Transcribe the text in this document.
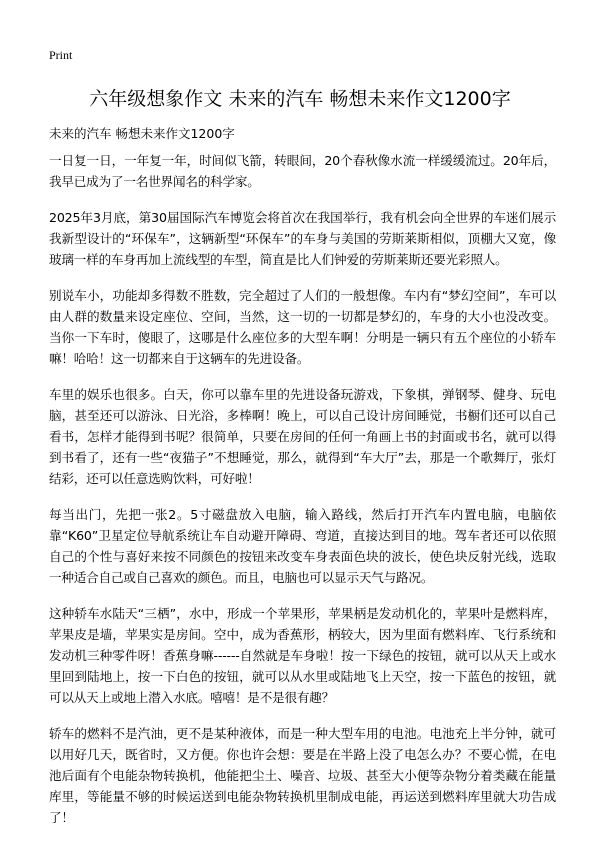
Print
六年级想象作文 未来的汽车 畅想未来作文1200字
未来的汽车 畅想未来作文1200字

一日复一日，一年复一年，时间似飞箭，转眼间，20个春秋像水流一样缓缓流过。20年后，我早已成为了一名世界闻名的科学家。

2025年3月底，第30届国际汽车博览会将首次在我国举行，我有机会向全世界的车迷们展示我新型设计的“环保车”，这辆新型“环保车”的车身与美国的劳斯莱斯相似，顶棚大又宽，像玻璃一样的车身再加上流线型的车型，简直是比人们钟爱的劳斯莱斯还要光彩照人。

别说车小，功能却多得数不胜数，完全超过了人们的一般想像。车内有“梦幻空间”，车可以由人群的数量来设定座位、空间，当然，这一切的一切都是梦幻的，车身的大小也没改变。当你一下车时，傻眼了，这哪是什么座位多的大型车啊！分明是一辆只有五个座位的小轿车嘛！哈哈！这一切都来自于这辆车的先进设备。

车里的娱乐也很多。白天，你可以靠车里的先进设备玩游戏，下象棋，弹钢琴、健身、玩电脑，甚至还可以游泳、日光浴，多棒啊！晚上，可以自己设计房间睡觉，书橱们还可以自己看书，怎样才能得到书呢？很简单，只要在房间的任何一角画上书的封面或书名，就可以得到书看了，还有一些“夜猫子”不想睡觉，那么，就得到“车大厅”去，那是一个歌舞厅，张灯结彩，还可以任意选购饮料，可好啦！

每当出门，先把一张2。5寸磁盘放入电脑，输入路线，然后打开汽车内置电脑，电脑依靠“K60”卫星定位导航系统让车自动避开障碍、弯道，直接达到目的地。驾车者还可以依照自己的个性与喜好来按不同颜色的按钮来改变车身表面色块的波长，使色块反射光线，选取一种适合自己或自己喜欢的颜色。而且，电脑也可以显示天气与路况。

这种轿车水陆天“三栖”，水中，形成一个苹果形，苹果柄是发动机化的，苹果叶是燃料库，苹果皮是墙，苹果实是房间。空中，成为香蕉形，柄较大，因为里面有燃料库、飞行系统和发动机三种零件呀！香蕉身嘛------自然就是车身啦！按一下绿色的按钮，就可以从天上或水里回到陆地上，按一下白色的按钮，就可以从水里或陆地飞上天空，按一下蓝色的按钮，就可以从天上或地上潜入水底。嘻嘻！是不是很有趣？

轿车的燃料不是汽油，更不是某种液体，而是一种大型车用的电池。电池充上半分钟，就可以用好几天，既省时，又方便。你也许会想：要是在半路上没了电怎么办？不要心慌，在电池后面有个电能杂物转换机，他能把尘土、噪音、垃圾、甚至大小便等杂物分着类藏在能量库里，等能量不够的时候运送到电能杂物转换机里制成电能，再运送到燃料库里就大功告成了！
